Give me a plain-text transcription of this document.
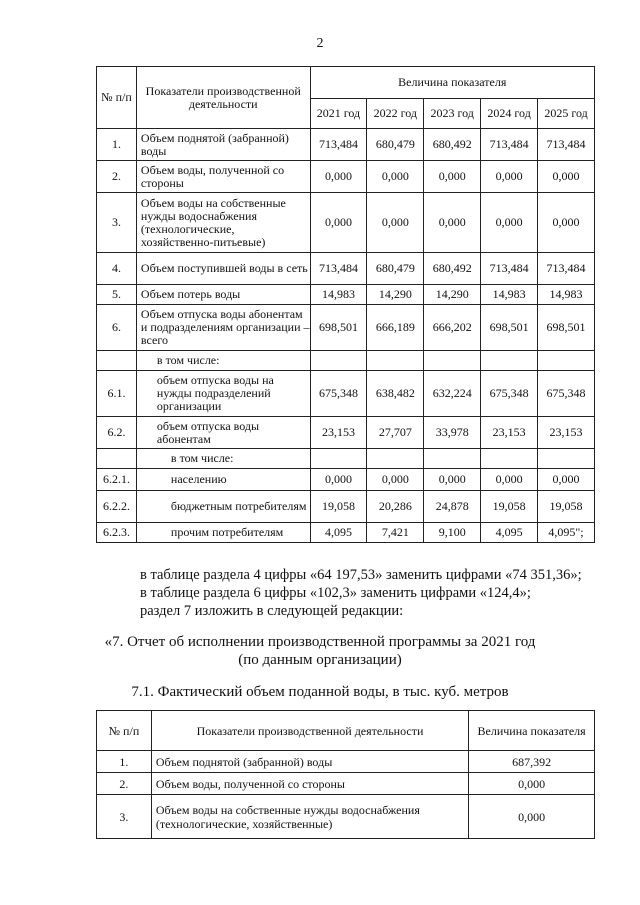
2
№ п/п	Показатели производственной деятельности	Величина показателя				
		2021 год	2022 год	2023 год	2024 год	2025 год
1.	Объем поднятой (забранной) воды	713,484	680,479	680,492	713,484	713,484
2.	Объем воды, полученной со стороны	0,000	0,000	0,000	0,000	0,000
3.	Объем воды на собственные нужды водоснабжения (технологические, хозяйственно-питьевые)	0,000	0,000	0,000	0,000	0,000
4.	Объем поступившей воды в сеть	713,484	680,479	680,492	713,484	713,484
5.	Объем потерь воды	14,983	14,290	14,290	14,983	14,983
6.	Объем отпуска воды абонентам и подразделениям организации – всего	698,501	666,189	666,202	698,501	698,501
	в том числе:					
6.1.	объем отпуска воды на нужды подразделений организации	675,348	638,482	632,224	675,348	675,348
6.2.	объем отпуска воды абонентам	23,153	27,707	33,978	23,153	23,153
	в том числе:					
6.2.1.	населению	0,000	0,000	0,000	0,000	0,000
6.2.2.	бюджетным потребителям	19,058	20,286	24,878	19,058	19,058
6.2.3.	прочим потребителям	4,095	7,421	9,100	4,095	4,095";
в таблице раздела 4 цифры «64 197,53» заменить цифрами «74 351,36»;
в таблице раздела 6 цифры «102,3» заменить цифрами «124,4»;
раздел 7 изложить в следующей редакции:
«7. Отчет об исполнении производственной программы за 2021 год
(по данным организации)
7.1. Фактический объем поданной воды, в тыс. куб. метров
№ п/п	Показатели производственной деятельности	Величина показателя
1.	Объем поднятой (забранной) воды	687,392
2.	Объем воды, полученной со стороны	0,000
3.	Объем воды на собственные нужды водоснабжения (технологические, хозяйственные)	0,000
